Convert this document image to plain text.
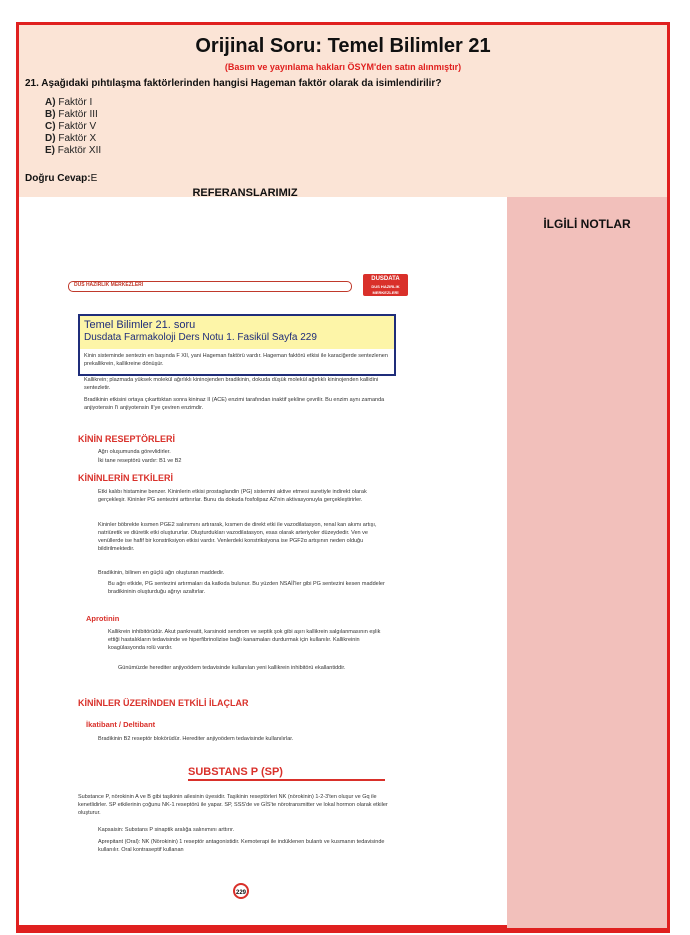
Orijinal Soru: Temel Bilimler 21
(Basım ve yayınlama hakları ÖSYM'den satın alınmıştır)
21. Aşağıdaki pıhtılaşma faktörlerinden hangisi Hageman faktör olarak da isimlendirilir?
A) Faktör I
B) Faktör III
C) Faktör V
D) Faktör X
E) Faktör XII
Doğru Cevap:E
İLGİLİ NOTLAR
REFERANSLARIMIZ
DUS HAZIRLIK MERKEZLERİ
DUSDATA
DUS HAZIRLIK MERKEZLERİ
Temel Bilimler 21. soru
Dusdata Farmakoloji Ders Notu 1. Fasikül Sayfa 229
Kinin sisteminde sentezin en başında F XII, yani Hageman faktörü vardır. Hageman faktörü etkisi ile karaciğerde sentezlenen prekallikrein, kallikreine dönüşür.
Kallikrein; plazmada yüksek molekül ağırlıklı kininojenden bradikinin, dokuda düşük molekül ağırlıklı kininojenden kallidini sentezletir.
Bradikinin etkisini ortaya çıkarttıktan sonra kininaz II (ACE) enzimi tarafından inaktif şekline çevrilir. Bu enzim aynı zamanda anjiyotensin I'i anjiyotensin II'ye çeviren enzimdir.
KİNİN RESEPTÖRLERİ
Ağrı oluşumunda görevlidirler.
İki tane reseptörü vardır: B1 ve B2
KİNİNLERİN ETKİLERİ
Etki kalıbı histamine benzer. Kininlerin etkisi prostaglandin (PG) sistemini aktive etmesi suretiyle indirekt olarak gerçekleşir. Kininler PG sentezini arttırırlar. Bunu da dokuda fosfolipaz A2'nin aktivasyonuyla gerçekleştirirler.
Kininler böbrekte kısmen PGE2 salınımını artırarak, kısmen de direkt etki ile vazodilatasyon, renal kan akımı artışı, natriüretik ve diüretik etki oluştururlar. Oluşturdukları vazodilatasyon, esas olarak arteriyoler düzeydedir. Ven ve venüllerde ise hafif bir konstriksiyon etkisi vardır. Venlerdeki konstriksiyona ise PGF2α artışının neden olduğu bildirilmektedir.
Bradikinin, bilinen en güçlü ağrı oluşturan maddedir.
Bu ağrı etkide, PG sentezini artırmaları da katkıda bulunur. Bu yüzden NSAİİ'ler gibi PG sentezini kesen maddeler bradikininin oluşturduğu ağrıyı azaltırlar.
Aprotinin
Kallikrein inhibitörüdür. Akut pankreatit, karsinoid sendrom ve septik şok gibi aşırı kallikrein salgılanmasının eşlik ettiği hastalıkların tedavisinde ve hiperfibrinolizise bağlı kanamaları durdurmak için kullanılır. Kallikreinin koagülasyonda rolü vardır.
Günümüzde herediter anjiyoödem tedavisinde kullanılan yeni kallikrein inhibitörü ekallantiddir.
KİNİNLER ÜZERİNDEN ETKİLİ İLAÇLAR
İkatibant / Deltibant
Bradikinin B2 reseptör blokörüdür. Herediter anjiyoödem tedavisinde kullanılırlar.
SUBSTANS P (SP)
Substance P, nörokinin A ve B gibi taşikinin ailesinin üyesidir. Taşikinin reseptörleri NK (nörokinin) 1-2-3'ten oluşur ve Gq ile kenetlidirler. SP etkilerinin çoğunu NK-1 reseptörü ile yapar. SP, SSS'de ve GİS'te nörotransmitter ve lokal hormon olarak etkiler oluşturur.
Kapsaisin: Substans P sinaptik aralığa salınımını arttırır.
Aprepitant (Oral): NK (Nörokinin) 1 reseptör antagonistidir. Kemoterapi ile indüklenen bulantı ve kusmanın tedavisinde kullanılır. Oral kontraseptif kullanan
229
